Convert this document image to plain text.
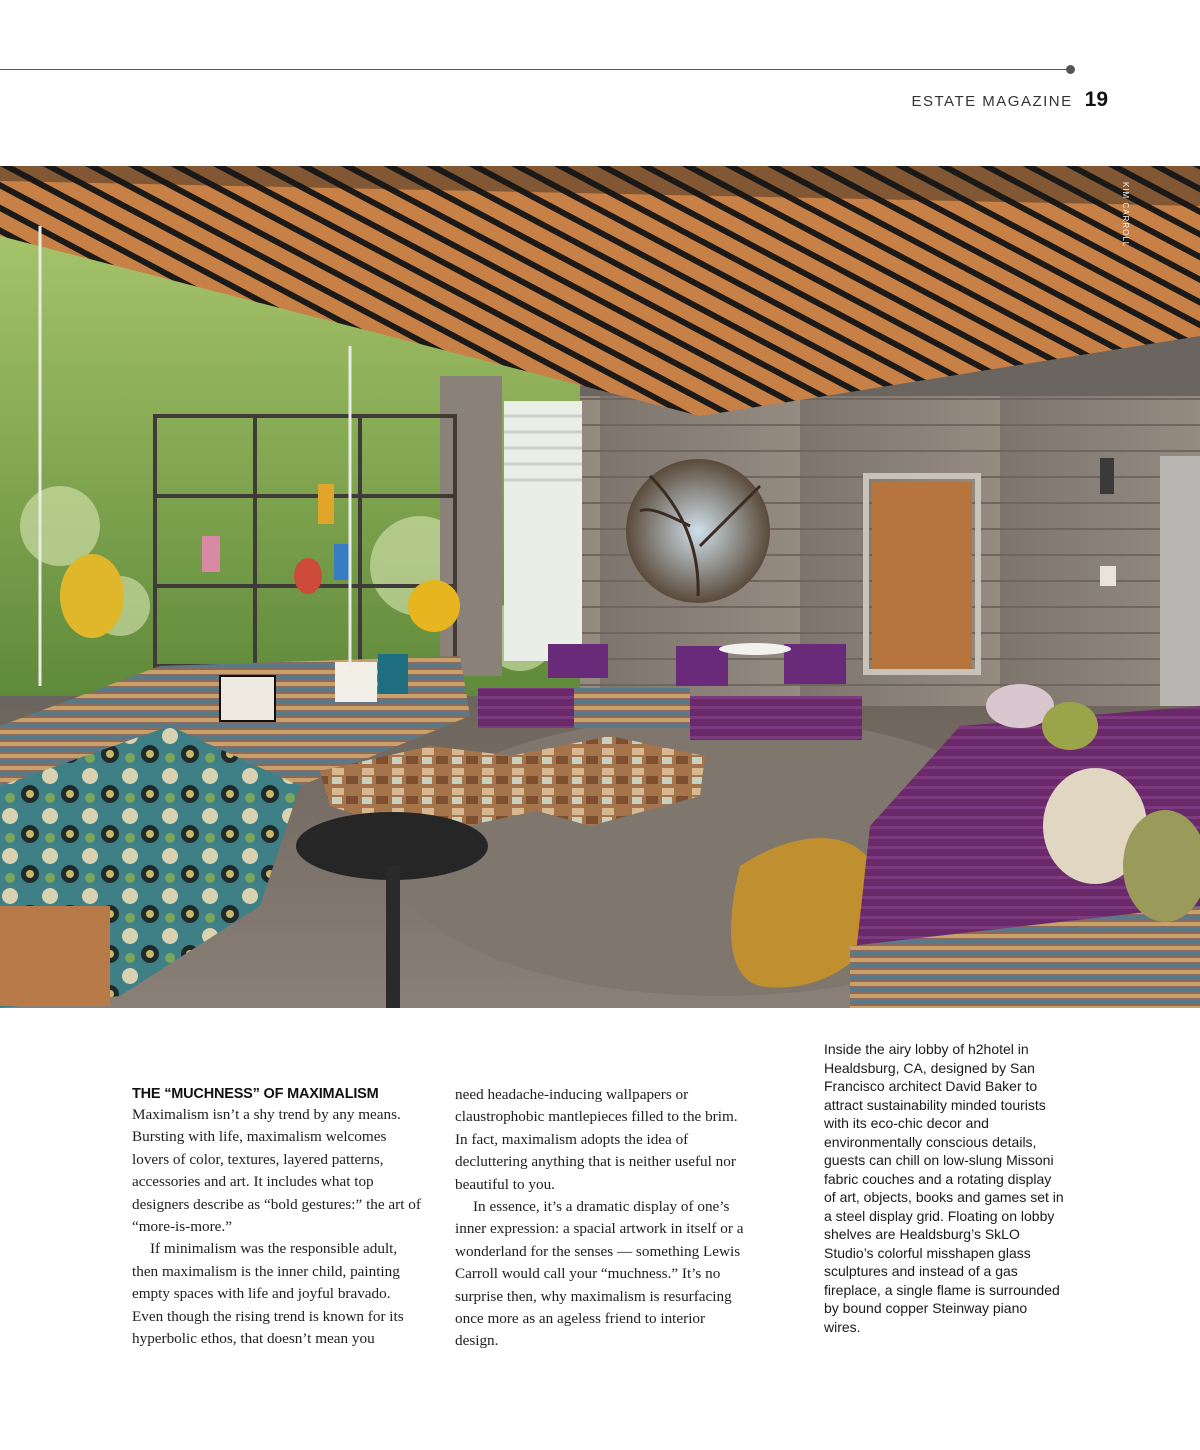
ESTATE MAGAZINE 19
KIM CARROLL
THE “MUCHNESS” OF MAXIMALISM

Maximalism isn’t a shy trend by any means. Bursting with life, maximalism welcomes lovers of color, textures, layered patterns, accessories and art. It includes what top designers describe as “bold gestures:” the art of “more-is-more.”

If minimalism was the responsible adult, then maximalism is the inner child, painting empty spaces with life and joyful bravado. Even though the rising trend is known for its hyperbolic ethos, that doesn’t mean you

need headache-inducing wallpapers or claustrophobic mantlepieces filled to the brim. In fact, maximalism adopts the idea of decluttering anything that is neither useful nor beautiful to you.

In essence, it’s a dramatic display of one’s inner expression: a spacial artwork in itself or a wonderland for the senses — something Lewis Carroll would call your “muchness.” It’s no surprise then, why maximalism is resurfacing once more as an ageless friend to interior design.

Inside the airy lobby of h2hotel in Healdsburg, CA, designed by San Francisco architect David Baker to attract sustainability minded tourists with its eco-chic decor and environmentally conscious details, guests can chill on low-slung Missoni fabric couches and a rotating display of art, objects, books and games set in a steel display grid. Floating on lobby shelves are Healdsburg’s SkLO Studio’s colorful misshapen glass sculptures and instead of a gas fireplace, a single flame is surrounded by bound copper Steinway piano wires.
